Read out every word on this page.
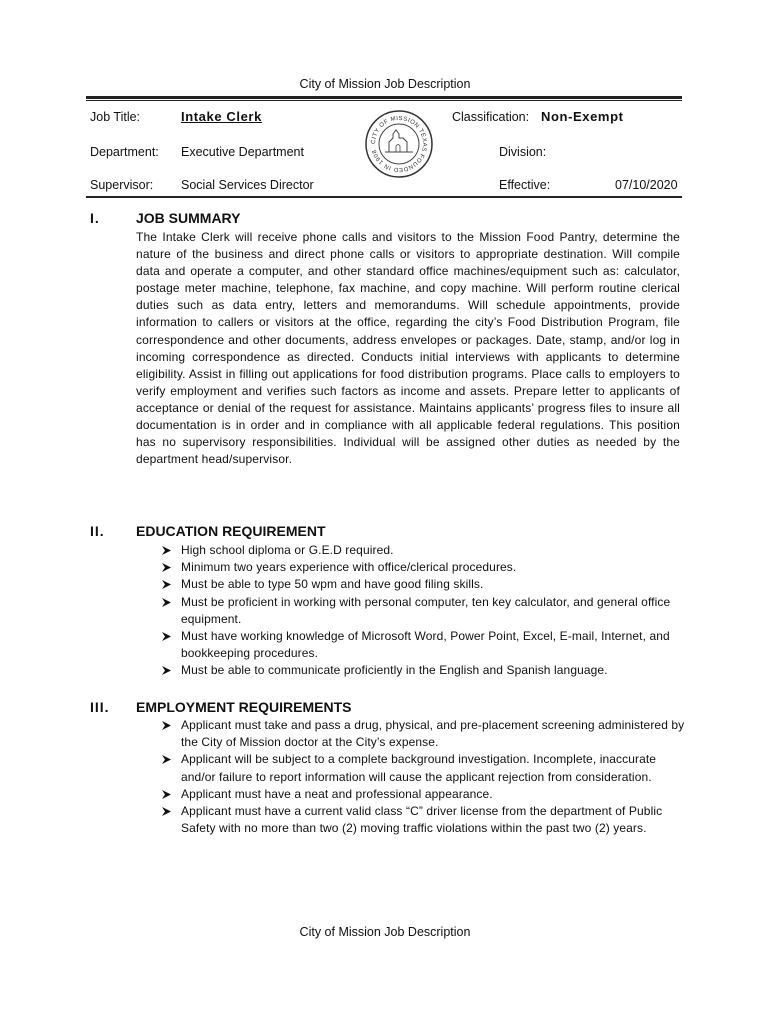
City of Mission Job Description
Job Title:	Intake Clerk	Classification: Non-Exempt
Department: Executive Department	Division:
Supervisor: Social Services Director	Effective:	07/10/2020
CITY OF MISSION TEXAS FOUNDED IN 1908
I.	JOB SUMMARY
The Intake Clerk will receive phone calls and visitors to the Mission Food Pantry, determine the nature of the business and direct phone calls or visitors to appropriate destination. Will compile data and operate a computer, and other standard office machines/equipment such as: calculator, postage meter machine, telephone, fax machine, and copy machine. Will perform routine clerical duties such as data entry, letters and memorandums. Will schedule appointments, provide information to callers or visitors at the office, regarding the city’s Food Distribution Program, file correspondence and other documents, address envelopes or packages. Date, stamp, and/or log in incoming correspondence as directed. Conducts initial interviews with applicants to determine eligibility. Assist in filling out applications for food distribution programs. Place calls to employers to verify employment and verifies such factors as income and assets. Prepare letter to applicants of acceptance or denial of the request for assistance. Maintains applicants’ progress files to insure all documentation is in order and in compliance with all applicable federal regulations. This position has no supervisory responsibilities. Individual will be assigned other duties as needed by the department head/supervisor.
II. EDUCATION REQUIREMENT
High school diploma or G.E.D required.
Minimum two years experience with office/clerical procedures.
Must be able to type 50 wpm and have good filing skills.
Must be proficient in working with personal computer, ten key calculator, and general office equipment.
Must have working knowledge of Microsoft Word, Power Point, Excel, E-mail, Internet, and bookkeeping procedures.
Must be able to communicate proficiently in the English and Spanish language.
III. EMPLOYMENT REQUIREMENTS
Applicant must take and pass a drug, physical, and pre-placement screening administered by the City of Mission doctor at the City’s expense.
Applicant will be subject to a complete background investigation. Incomplete, inaccurate and/or failure to report information will cause the applicant rejection from consideration.
Applicant must have a neat and professional appearance.
Applicant must have a current valid class “C” driver license from the department of Public Safety with no more than two (2) moving traffic violations within the past two (2) years.
City of Mission Job Description
